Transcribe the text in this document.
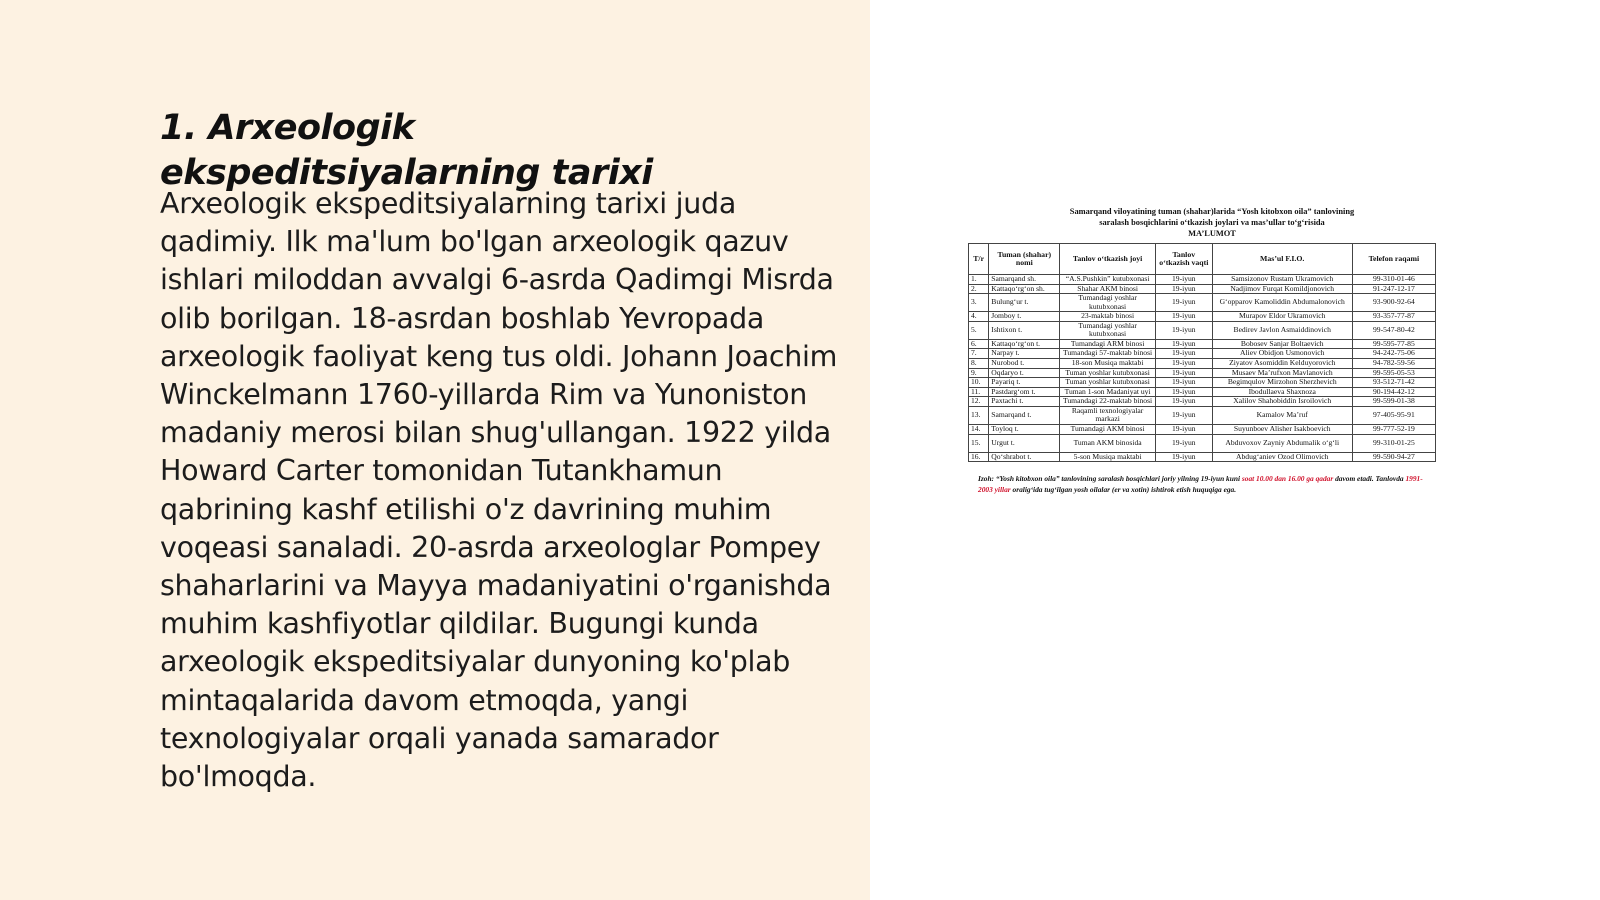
1. Arxeologik ekspeditsiyalarning tarixi

Arxeologik ekspeditsiyalarning tarixi juda qadimiy. Ilk ma'lum bo'lgan arxeologik qazuv ishlari miloddan avvalgi 6-asrda Qadimgi Misrda olib borilgan. 18-asrdan boshlab Yevropada arxeologik faoliyat keng tus oldi. Johann Joachim Winckelmann 1760-yillarda Rim va Yunoniston madaniy merosi bilan shug'ullangan. 1922 yilda Howard Carter tomonidan Tutankhamun qabrining kashf etilishi o'z davrining muhim voqeasi sanaladi. 20-asrda arxeologlar Pompey shaharlarini va Mayya madaniyatini o'rganishda muhim kashfiyotlar qildilar. Bugungi kunda arxeologik ekspeditsiyalar dunyoning ko'plab mintaqalarida davom etmoqda, yangi texnologiyalar orqali yanada samarador bo'lmoqda.

Samarqand viloyatining tuman (shahar)larida “Yosh kitobxon oila” tanlovining
saralash bosqichlarini o‘tkazish joylari va mas’ullar to‘g‘risida
MA’LUMOT
T/r	Tuman (shahar) nomi	Tanlov o‘tkazish joyi	Tanlov o‘tkazish vaqti	Mas’ul F.I.O.	Telefon raqami
1.	Samarqand sh.	“A.S.Pushkin” kutubxonasi	19-iyun	Samsizonov Rustam Ukramovich	99-310-01-46
2.	Kattaqo‘rg‘on sh.	Shahar AKM binosi	19-iyun	Nadjimov Furqat Komildjonovich	91-247-12-17
3.	Bulung‘ur t.	Tumandagi yoshlar kutubxonasi	19-iyun	G‘opparov Kamoliddin Abdumalonovich	93-900-92-64
4.	Jomboy t.	23-maktab binosi	19-iyun	Murapov Eldor Ukramovich	93-357-77-87
5.	Ishtixon t.	Tumandagi yoshlar kutubxonasi	19-iyun	Bedirev Javlon Asmaiddinovich	99-547-80-42
6.	Kattaqo‘rg‘on t.	Tumandagi ARM binosi	19-iyun	Bobosev Sanjar Boltaevich	99-595-77-85
7.	Narpay t.	Tumandagi 57-maktab binosi	19-iyun	Aliev Obidjon Usmonovich	94-242-75-06
8.	Nurobod t.	18-son Musiqa maktabi	19-iyun	Ziyatov Asomiddin Kelduyorovich	94-782-59-56
9.	Oqdaryo t.	Tuman yoshlar kutubxonasi	19-iyun	Musaev Ma’rufxon Mavlanovich	99-595-05-53
10.	Payariq t.	Tuman yoshlar kutubxonasi	19-iyun	Begimqulov Mirzohon Sherzhevich	93-512-71-42
11.	Pastdarg‘om t.	Tuman 1-son Madaniyat uyi	19-iyun	Ibodullaeva Shaxnoza	90-194-42-12
12.	Paxtachi t.	Tumandagi 22-maktab binosi	19-iyun	Xalilov Shahobiddin Isroilovich	99-599-01-38
13.	Samarqand t.	Raqamli texnologiyalar markazi	19-iyun	Kamalov Ma’ruf	97-405-95-91
14.	Toyloq t.	Tumandagi AKM binosi	19-iyun	Suyunboev Alisher Isakboevich	99-777-52-19
15.	Urgut t.	Tuman AKM binosida	19-iyun	Abduvoxov Zayniy Abdumalik o‘g‘li	99-310-01-25
16.	Qo‘shrabot t.	5-son Musiqa maktabi	19-iyun	Abdug‘aniev Ozod Olimovich	99-590-94-27
Izoh: “Yosh kitobxon oila” tanlovining saralash bosqichlari joriy yilning 19-iyun kuni soat 10.00 dan 16.00 ga qadar davom etadi. Tanlovda 1991-2003 yillar oralig‘ida tug‘ilgan yosh oilalar (er va xotin) ishtirok etish huquqiga ega.
